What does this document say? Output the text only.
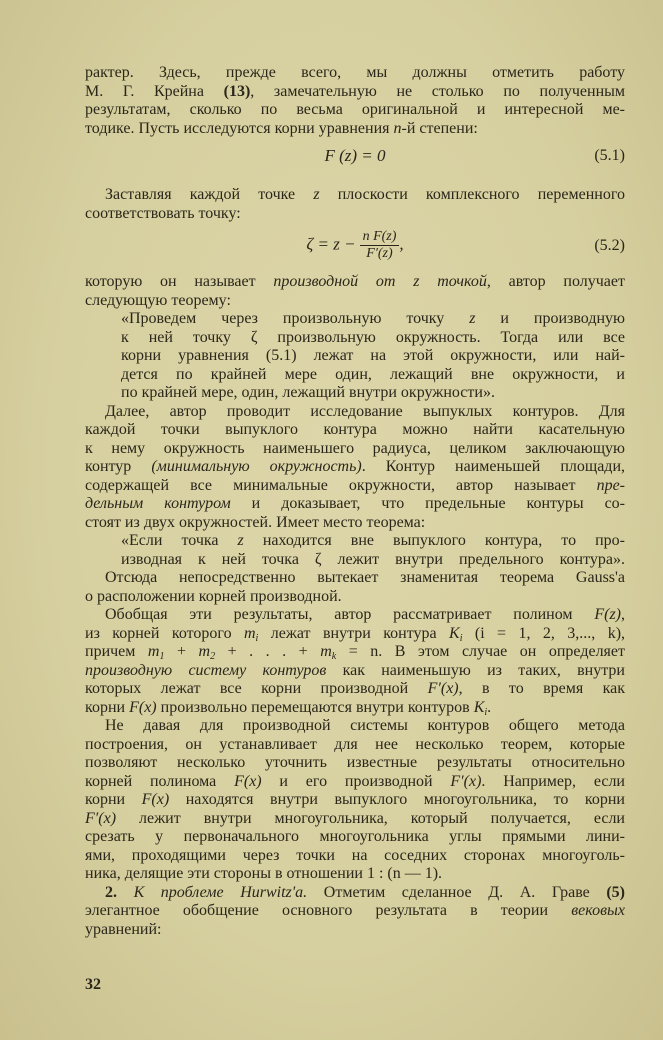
рактер. Здесь, прежде всего, мы должны отметить работу
М. Г. Крейна (13), замечательную не столько по полученным
результатам, сколько по весьма оригинальной и интересной ме-
тодике. Пусть исследуются корни уравнения n-й степени:
F (z) = 0	(5.1)
Заставляя каждой точке z плоскости комплексного переменного
соответствовать точку:
$\zeta = z - \frac{\text{n F(z)}}{F'(z)}$ ,	(5.2)
которую он называет производной от z точкой, автор получает
следующую теорему:
«Проведем через произвольную точку z и производную
к ней точку ζ произвольную окружность. Тогда или все
корни уравнения (5.1) лежат на этой окружности, или най-
дется по крайней мере один, лежащий вне окружности, и
по крайней мере, один, лежащий внутри окружности».
Далее, автор проводит исследование выпуклых контуров. Для
каждой точки выпуклого контура можно найти касательную
к нему окружность наименьшего радиуса, целиком заключающую
контур (минимальную окружность). Контур наименьшей площади,
содержащей все минимальные окружности, автор называет пре-
дельным контуром и доказывает, что предельные контуры со-
стоят из двух окружностей. Имеет место теорема:
«Если точка z находится вне выпуклого контура, то про-
изводная к ней точка ζ лежит внутри предельного контура».
Отсюда непосредственно вытекает знаменитая теорема Gauss'а
о расположении корней производной.
Обобщая эти результаты, автор рассматривает полином F(z),
из корней которого $m_i$ лежат внутри контура $K_i$ (i = 1, 2, 3,..., k),
причем $m_1 + m_2$ + . . . + $m_k = n$. В этом случае он определяет
производную систему контуров как наименьшую из таких, внутри
которых лежат все корни производной F′(x), в то время как
корни F(x) произвольно перемещаются внутри контуров $K_i$.
Не давая для производной системы контуров общего метода
построения, он устанавливает для нее несколько теорем, которые
позволяют несколько уточнить известные результаты относительно
корней полинома F(x) и его производной F′(x). Например, если
корни F(x) находятся внутри выпуклого многоугольника, то корни
F′(x) лежит внутри многоугольника, который получается, если
срезать у первоначального многоугольника углы прямыми лини-
ями, проходящими через точки на соседних сторонах многоуголь-
ника, делящие эти стороны в отношении 1 : (n — 1).
2. К проблеме Hurwitz'а. Отметим сделанное Д. А. Граве (5)
элегантное обобщение основного результата в теории вековых
уравнений:
32
